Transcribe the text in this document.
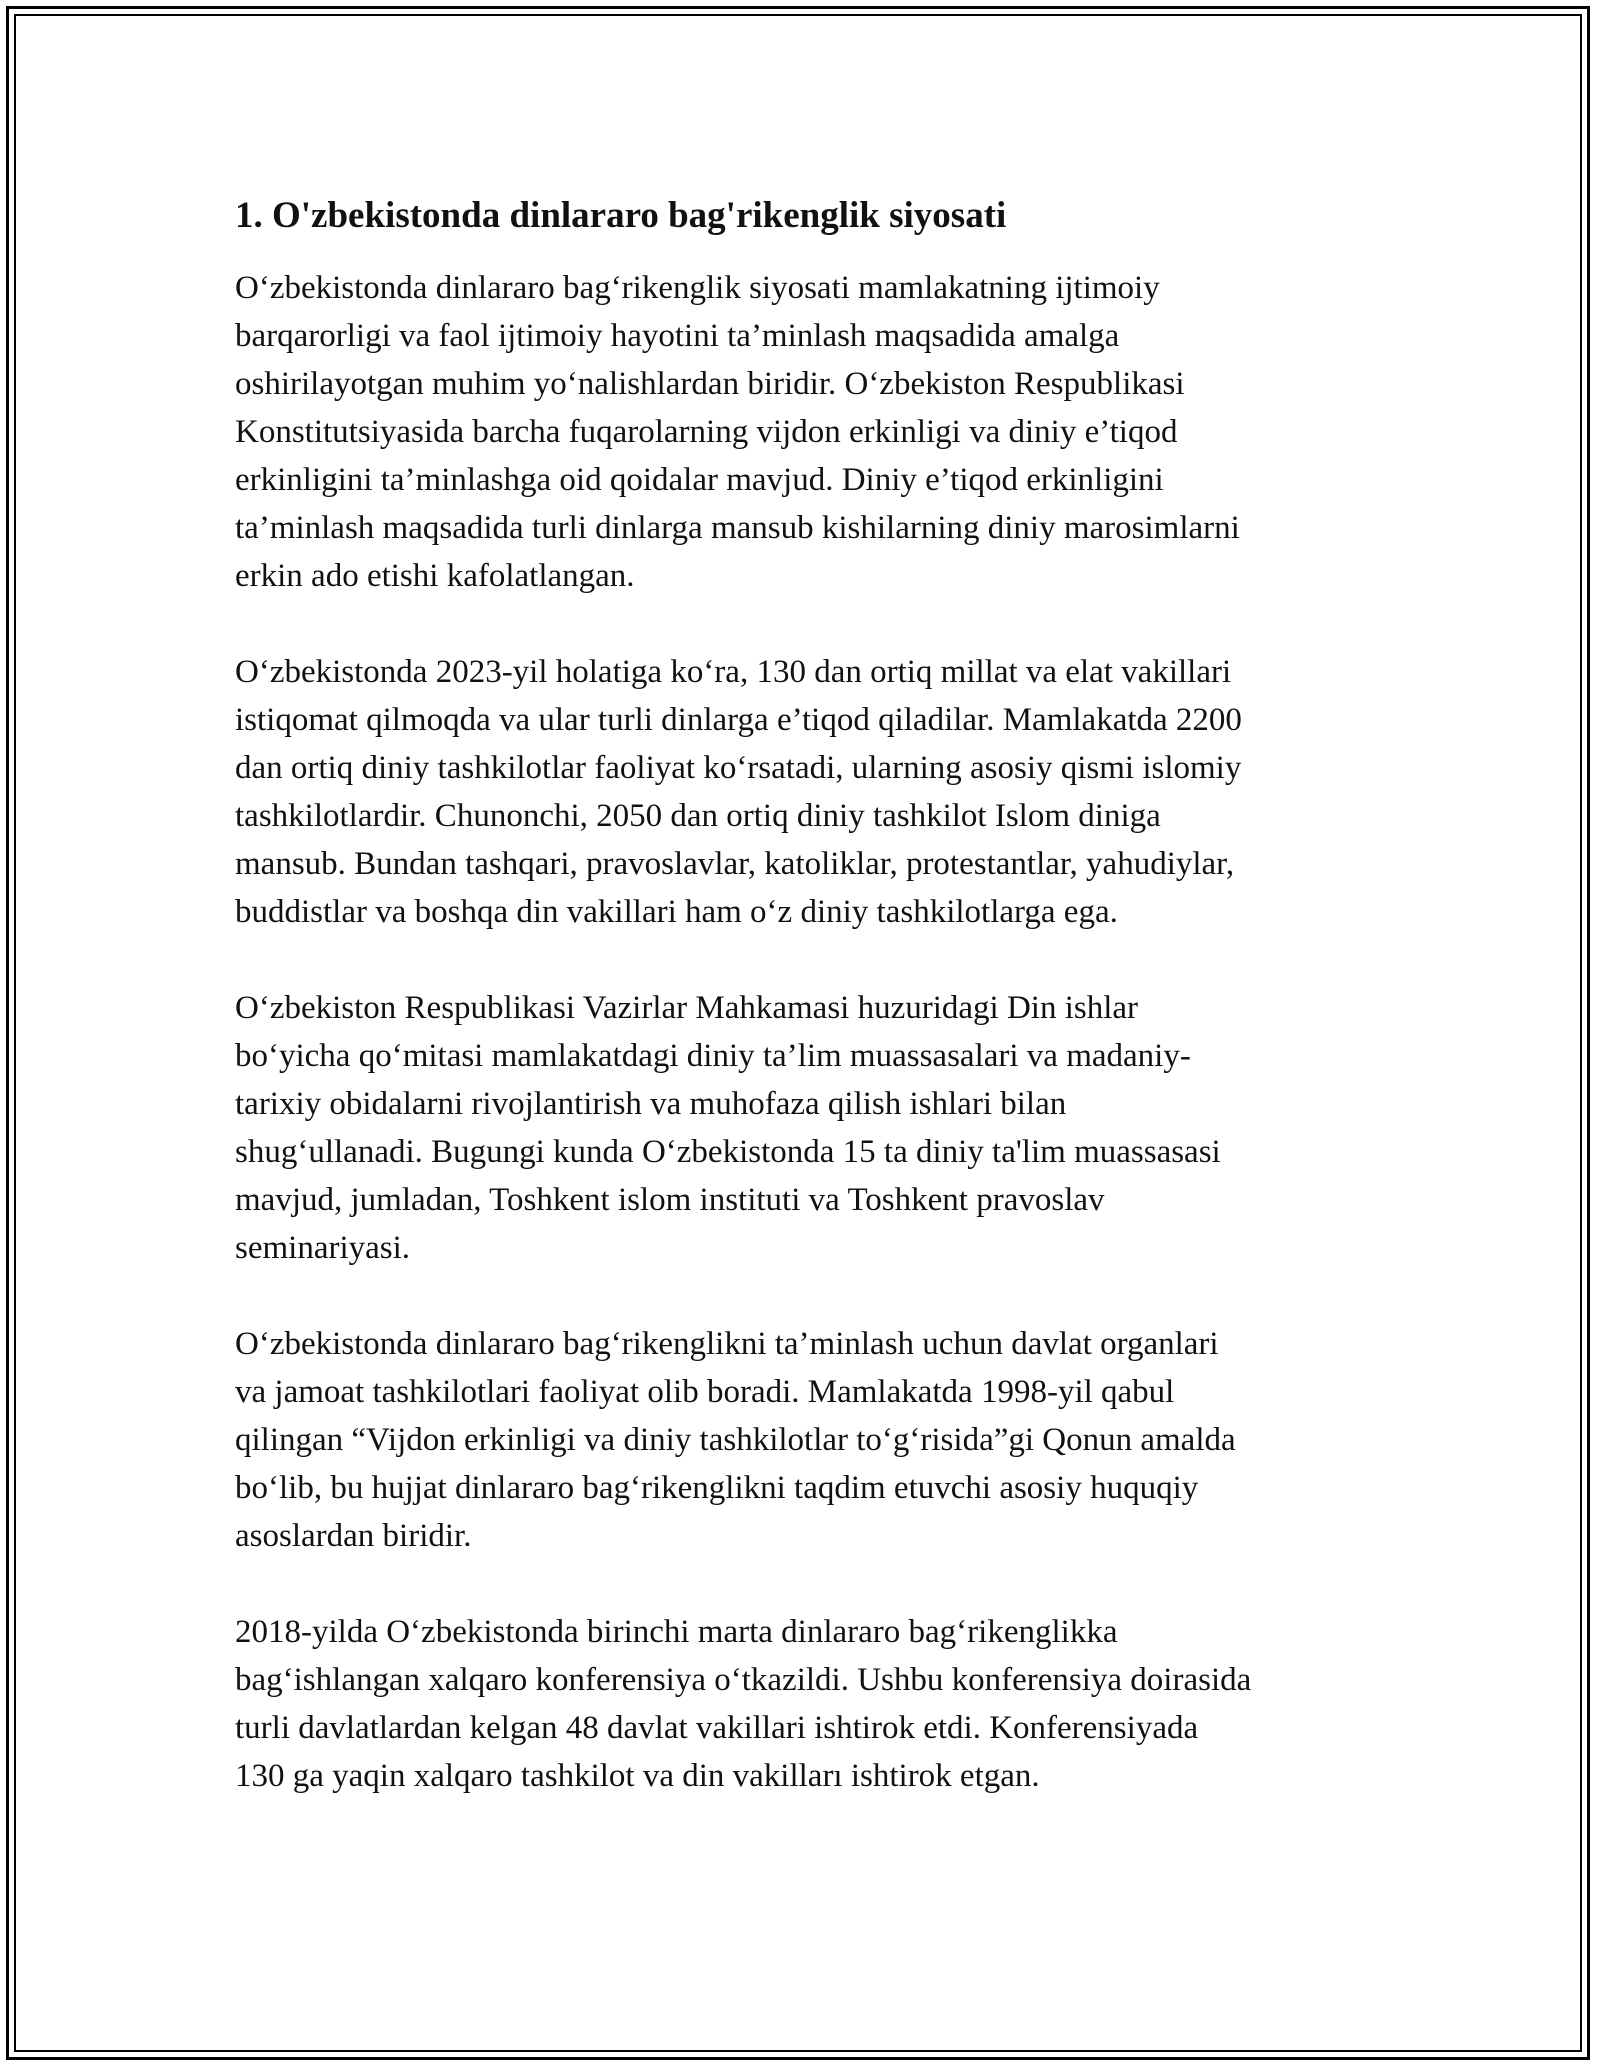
1. O'zbekistonda dinlararo bag'rikenglik siyosati

O‘zbekistonda dinlararo bag‘rikenglik siyosati mamlakatning ijtimoiy
barqarorligi va faol ijtimoiy hayotini ta’minlash maqsadida amalga
oshirilayotgan muhim yo‘nalishlardan biridir. O‘zbekiston Respublikasi
Konstitutsiyasida barcha fuqarolarning vijdon erkinligi va diniy e’tiqod
erkinligini ta’minlashga oid qoidalar mavjud. Diniy e’tiqod erkinligini
ta’minlash maqsadida turli dinlarga mansub kishilarning diniy marosimlarni
erkin ado etishi kafolatlangan.

O‘zbekistonda 2023-yil holatiga ko‘ra, 130 dan ortiq millat va elat vakillari
istiqomat qilmoqda va ular turli dinlarga e’tiqod qiladilar. Mamlakatda 2200
dan ortiq diniy tashkilotlar faoliyat ko‘rsatadi, ularning asosiy qismi islomiy
tashkilotlardir. Chunonchi, 2050 dan ortiq diniy tashkilot Islom diniga
mansub. Bundan tashqari, pravoslavlar, katoliklar, protestantlar, yahudiylar,
buddistlar va boshqa din vakillari ham o‘z diniy tashkilotlarga ega.

O‘zbekiston Respublikasi Vazirlar Mahkamasi huzuridagi Din ishlar
bo‘yicha qo‘mitasi mamlakatdagi diniy ta’lim muassasalari va madaniy-
tarixiy obidalarni rivojlantirish va muhofaza qilish ishlari bilan
shug‘ullanadi. Bugungi kunda O‘zbekistonda 15 ta diniy ta'lim muassasasi
mavjud, jumladan, Toshkent islom instituti va Toshkent pravoslav
seminariyasi.

O‘zbekistonda dinlararo bag‘rikenglikni ta’minlash uchun davlat organlari
va jamoat tashkilotlari faoliyat olib boradi. Mamlakatda 1998-yil qabul
qilingan “Vijdon erkinligi va diniy tashkilotlar to‘g‘risida”gi Qonun amalda
bo‘lib, bu hujjat dinlararo bag‘rikenglikni taqdim etuvchi asosiy huquqiy
asoslardan biridir.

2018-yilda O‘zbekistonda birinchi marta dinlararo bag‘rikenglikka
bag‘ishlangan xalqaro konferensiya o‘tkazildi. Ushbu konferensiya doirasida
turli davlatlardan kelgan 48 davlat vakillari ishtirok etdi. Konferensiyada
130 ga yaqin xalqaro tashkilot va din vakilları ishtirok etgan.
